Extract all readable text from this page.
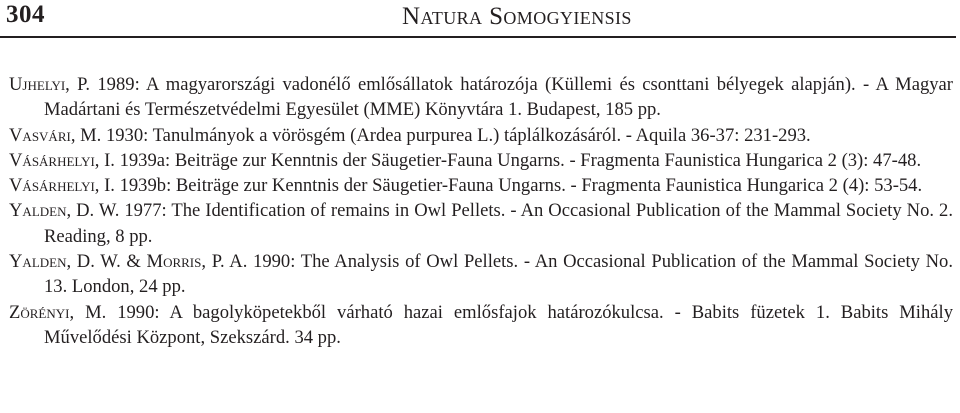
304	Natura Somogyiensis

Ujhelyi, P. 1989: A magyarországi vadonélő emlősállatok határozója (Küllemi és csonttani bélyegek alapján). - A Magyar Madártani és Természetvédelmi Egyesület (MME) Könyvtára 1. Budapest, 185 pp.

Vasvári, M. 1930: Tanulmányok a vörösgém (Ardea purpurea L.) táplálkozásáról. - Aquila 36-37: 231-293.

Vásárhelyi, I. 1939a: Beiträge zur Kenntnis der Säugetier-Fauna Ungarns. - Fragmenta Faunistica Hungarica 2 (3): 47-48.

Vásárhelyi, I. 1939b: Beiträge zur Kenntnis der Säugetier-Fauna Ungarns. - Fragmenta Faunistica Hungarica 2 (4): 53-54.

Yalden, D. W. 1977: The Identification of remains in Owl Pellets. - An Occasional Publication of the Mammal Society No. 2. Reading, 8 pp.

Yalden, D. W. & Morris, P. A. 1990: The Analysis of Owl Pellets. - An Occasional Publication of the Mammal Society No. 13. London, 24 pp.

Zörényi, M. 1990: A bagolyköpetekből várható hazai emlősfajok határozókulcsa. - Babits füzetek 1. Babits Mihály Művelődési Központ, Szekszárd. 34 pp.
